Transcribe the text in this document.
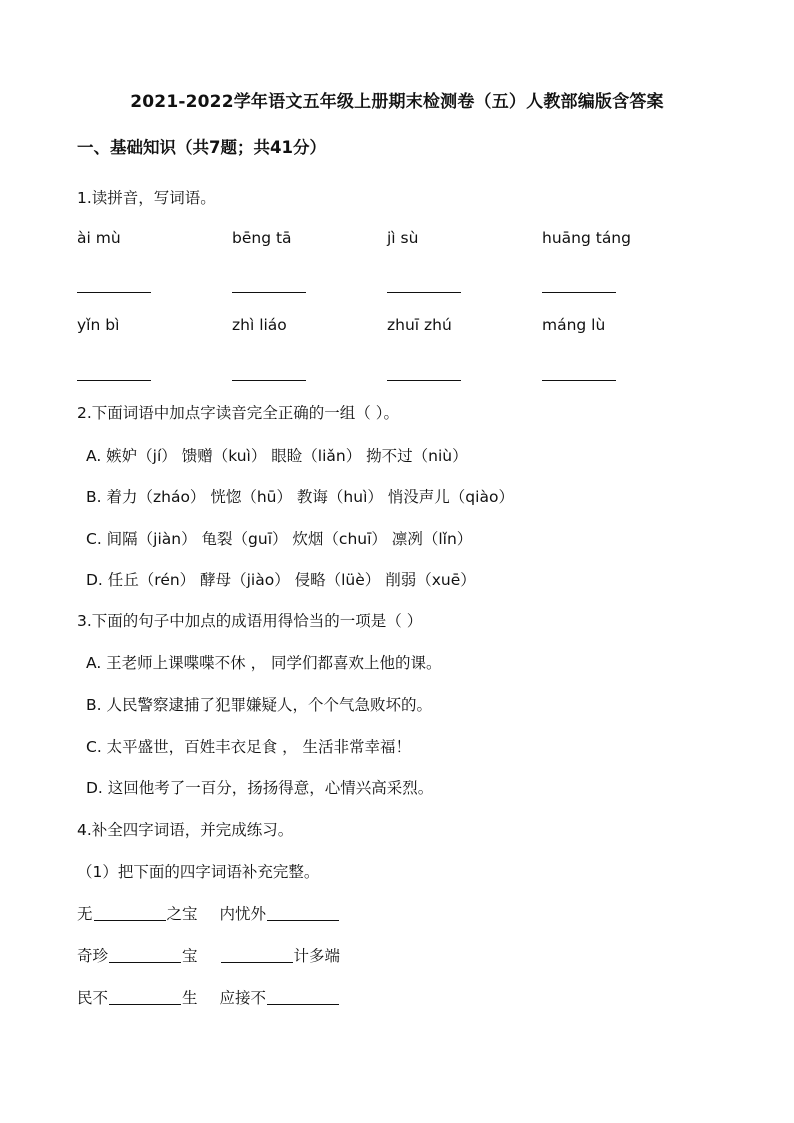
2021-2022学年语文五年级上册期末检测卷（五）人教部编版含答案
一、基础知识（共7题；共41分）
1.读拼音，写词语。
ài mù	bēng tā	jì sù	huāng táng
yǐn bì	zhì liáo	zhuī zhú	máng lù
2.下面词语中加点字读音完全正确的一组（ ）。
A. 嫉妒（jí） 馈赠（kuì） 眼睑（liǎn） 拗不过（niù）
B. 着力（zháo） 恍惚（hū） 教诲（huì） 悄没声儿（qiào）
C. 间隔（jiàn） 龟裂（guī） 炊烟（chuī） 凛冽（lǐn）
D. 任丘（rén） 酵母（jiào） 侵略（lüè） 削弱（xuē）
3.下面的句子中加点的成语用得恰当的一项是（ ）
A. 王老师上课喋喋不休 ， 同学们都喜欢上他的课。
B. 人民警察逮捕了犯罪嫌疑人，个个气急败坏的。
C. 太平盛世，百姓丰衣足食 ， 生活非常幸福！
D. 这回他考了一百分，扬扬得意，心情兴高采烈。
4.补全四字词语，并完成练习。
（1）把下面的四字词语补充完整。
无	之宝 内忧外
奇珍	宝	计多端
民不	生 应接不
